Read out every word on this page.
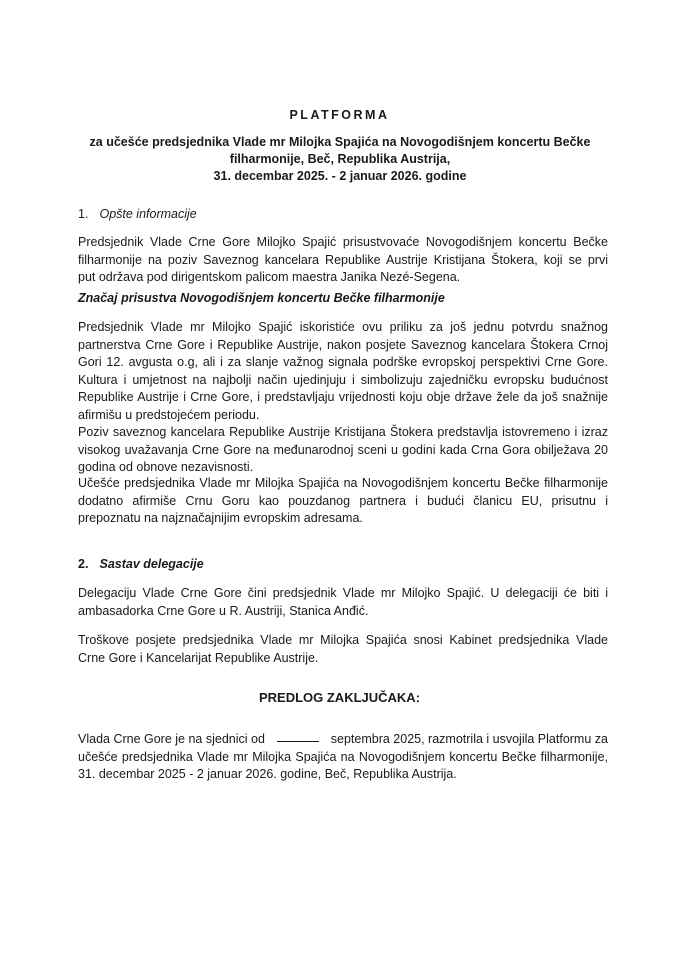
PLATFORMA
za učešće predsjednika Vlade mr Milojka Spajića na Novogodišnjem koncertu Bečke
filharmonije, Beč, Republika Austrija,
31. decembar 2025. - 2 januar 2026. godine
1. Opšte informacije
Predsjednik Vlade Crne Gore Milojko Spajić prisustvovaće Novogodišnjem koncertu Bečke
filharmonije na poziv Saveznog kancelara Republike Austrije Kristijana Štokera, koji se prvi
put održava pod dirigentskom palicom maestra Janika Nezé-Segena.
Značaj prisustva Novogodišnjem koncertu Bečke filharmonije
Predsjednik Vlade mr Milojko Spajić iskoristiće ovu priliku za još jednu potvrdu snažnog
partnerstva Crne Gore i Republike Austrije, nakon posjete Saveznog kancelara Štokera Crnoj
Gori 12. avgusta o.g, ali i za slanje važnog signala podrške evropskoj perspektivi Crne Gore.
Kultura i umjetnost na najbolji način ujedinjuju i simbolizuju zajedničku evropsku budućnost
Republike Austrije i Crne Gore, i predstavljaju vrijednosti koju obje države žele da još snažnije
afirmišu u predstojećem periodu.
Poziv saveznog kancelara Republike Austrije Kristijana Štokera predstavlja istovremeno i izraz
visokog uvažavanja Crne Gore na međunarodnoj sceni u godini kada Crna Gora obilježava 20
godina od obnove nezavisnosti.
Učešće predsjednika Vlade mr Milojka Spajića na Novogodišnjem koncertu Bečke filharmonije
dodatno afirmiše Crnu Goru kao pouzdanog partnera i budući članicu EU, prisutnu i
prepoznatu na najznačajnijim evropskim adresama.
2. Sastav delegacije
Delegaciju Vlade Crne Gore čini predsjednik Vlade mr Milojko Spajić. U delegaciji će biti i
ambasadorka Crne Gore u R. Austriji, Stanica Anđić.
Troškove posjete predsjednika Vlade mr Milojka Spajića snosi Kabinet predsjednika Vlade
Crne Gore i Kancelarijat Republike Austrije.
PREDLOG ZAKLJUČAKA:
Vlada Crne Gore je na sjednici od	septembra 2025, razmotrila i usvojila Platformu za
učešće predsjednika Vlade mr Milojka Spajića na Novogodišnjem koncertu Bečke filharmonije,
31. decembar 2025 - 2 januar 2026. godine, Beč, Republika Austrija.
